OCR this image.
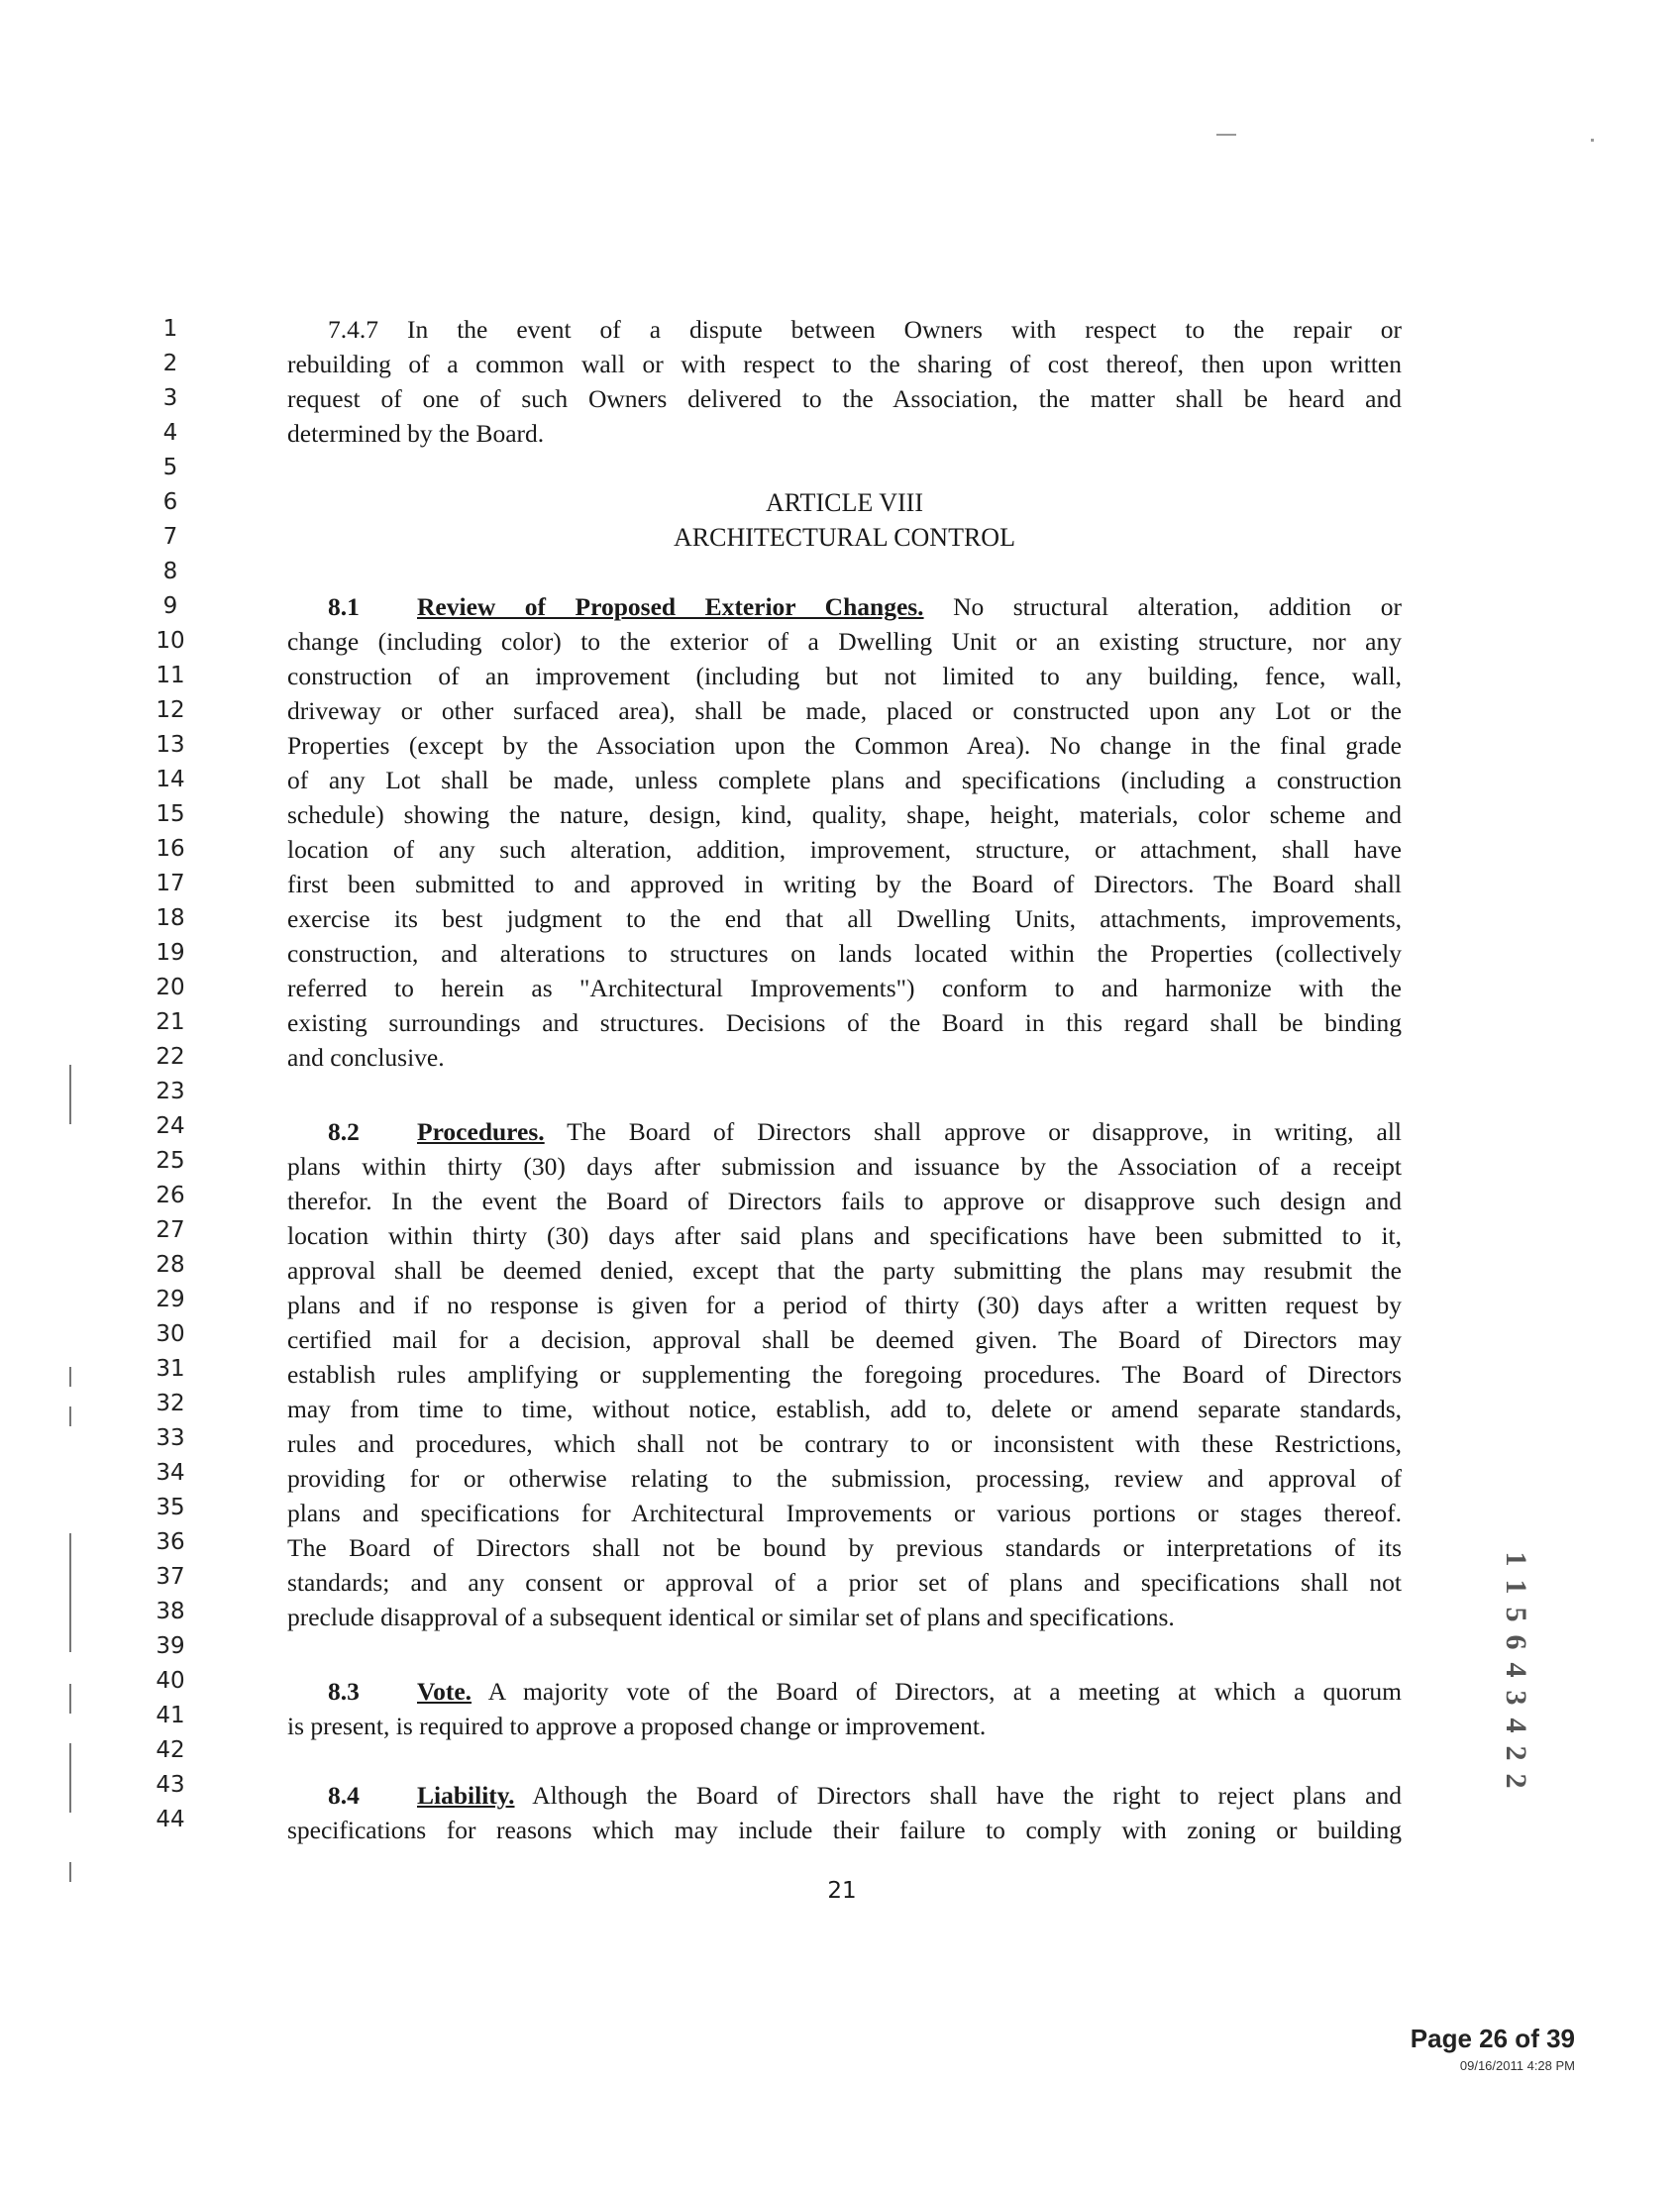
1
2
3
4
5
6
7
8
9
10
11
12
13
14
15
16
17
18
19
20
21
22
23
24
25
26
27
28
29
30
31
32
33
34
35
36
37
38
39
40
41
42
43
44
7.4.7 In the event of a dispute between Owners with respect to the repair or
rebuilding of a common wall or with respect to the sharing of cost thereof, then upon written
request of one of such Owners delivered to the Association, the matter shall be heard and
determined by the Board.
ARTICLE VIII
ARCHITECTURAL CONTROL
8.1 Review of Proposed Exterior Changes. No structural alteration, addition or
change (including color) to the exterior of a Dwelling Unit or an existing structure, nor any
construction of an improvement (including but not limited to any building, fence, wall,
driveway or other surfaced area), shall be made, placed or constructed upon any Lot or the
Properties (except by the Association upon the Common Area). No change in the final grade
of any Lot shall be made, unless complete plans and specifications (including a construction
schedule) showing the nature, design, kind, quality, shape, height, materials, color scheme and
location of any such alteration, addition, improvement, structure, or attachment, shall have
first been submitted to and approved in writing by the Board of Directors. The Board shall
exercise its best judgment to the end that all Dwelling Units, attachments, improvements,
construction, and alterations to structures on lands located within the Properties (collectively
referred to herein as "Architectural Improvements") conform to and harmonize with the
existing surroundings and structures. Decisions of the Board in this regard shall be binding
and conclusive.
8.2 Procedures. The Board of Directors shall approve or disapprove, in writing, all
plans within thirty (30) days after submission and issuance by the Association of a receipt
therefor. In the event the Board of Directors fails to approve or disapprove such design and
location within thirty (30) days after said plans and specifications have been submitted to it,
approval shall be deemed denied, except that the party submitting the plans may resubmit the
plans and if no response is given for a period of thirty (30) days after a written request by
certified mail for a decision, approval shall be deemed given. The Board of Directors may
establish rules amplifying or supplementing the foregoing procedures. The Board of Directors
may from time to time, without notice, establish, add to, delete or amend separate standards,
rules and procedures, which shall not be contrary to or inconsistent with these Restrictions,
providing for or otherwise relating to the submission, processing, review and approval of
plans and specifications for Architectural Improvements or various portions or stages thereof.
The Board of Directors shall not be bound by previous standards or interpretations of its
standards; and any consent or approval of a prior set of plans and specifications shall not
preclude disapproval of a subsequent identical or similar set of plans and specifications.
8.3 Vote. A majority vote of the Board of Directors, at a meeting at which a quorum
is present, is required to approve a proposed change or improvement.
8.4 Liability. Although the Board of Directors shall have the right to reject plans and
specifications for reasons which may include their failure to comply with zoning or building
21
Page 26 of 39
09/16/2011 4:28 PM
1
1
5
6
4
3
4
2
2
